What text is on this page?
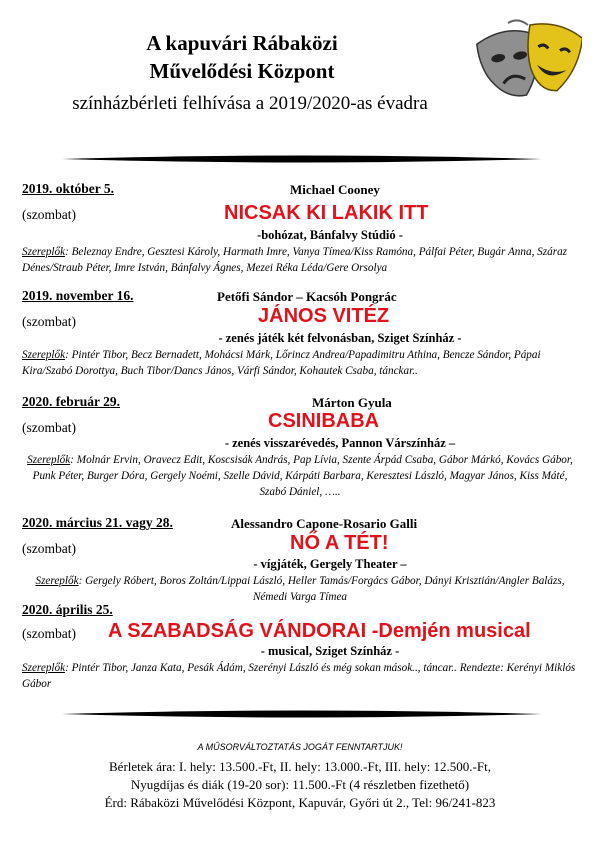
A kapuvári Rábaközi
Művelődési Központ
színházbérleti felhívása a 2019/2020-as évadra
2019. október 5.	Michael Cooney
(szombat)	NICSAK KI LAKIK ITT
-bohózat, Bánfalvy Stúdió -
Szereplők: Beleznay Endre, Gesztesi Károly, Harmath Imre, Vanya Tímea/Kiss Ramóna, Pálfai Péter, Bugár Anna, Száraz Dénes/Straub Péter, Imre István, Bánfalvy Ágnes, Mezei Réka Léda/Gere Orsolya
2019. november 16.	Petőfi Sándor – Kacsóh Pongrác
(szombat)	JÁNOS VITÉZ
- zenés játék két felvonásban, Sziget Színház -
Szereplők: Pintér Tibor, Becz Bernadett, Mohácsi Márk, Lőrincz Andrea/Papadimitru Athina, Bencze Sándor, Pápai Kira/Szabó Dorottya, Buch Tibor/Dancs János, Várfi Sándor, Kohautek Csaba, tánckar..
2020. február 29.	Márton Gyula
(szombat)	CSINIBABA
- zenés visszarévedés, Pannon Várszínház –
Szereplők: Molnár Ervin, Oravecz Edit, Koscsisák András, Pap Lívia, Szente Árpád Csaba, Gábor Márkó, Kovács Gábor, Punk Péter, Burger Dóra, Gergely Noémi, Szelle Dávid, Kárpáti Barbara, Keresztesi László, Magyar János, Kiss Máté, Szabó Dániel, …..
2020. március 21. vagy 28.	Alessandro Capone-Rosario Galli
(szombat)	NŐ A TÉT!
- vígjáték, Gergely Theater –
Szereplők: Gergely Róbert, Boros Zoltán/Lippai László, Heller Tamás/Forgács Gábor, Dányi Krisztián/Angler Balázs, Némedi Varga Tímea
2020. április 25.
(szombat) A SZABADSÁG VÁNDORAI -Demjén musical
- musical, Sziget Színház -
Szereplők: Pintér Tibor, Janza Kata, Pesák Ádám, Szerényi László és még sokan mások.., táncar.. Rendezte: Kerényi Miklós Gábor
A MŰSORVÁLTOZTATÁS JOGÁT FENNTARTJUK!
Bérletek ára: I. hely: 13.500.-Ft, II. hely: 13.000.-Ft, III. hely: 12.500.-Ft,
Nyugdíjas és diák (19-20 sor): 11.500.-Ft (4 részletben fizethető)
Érd: Rábaközi Művelődési Központ, Kapuvár, Győri út 2., Tel: 96/241-823
